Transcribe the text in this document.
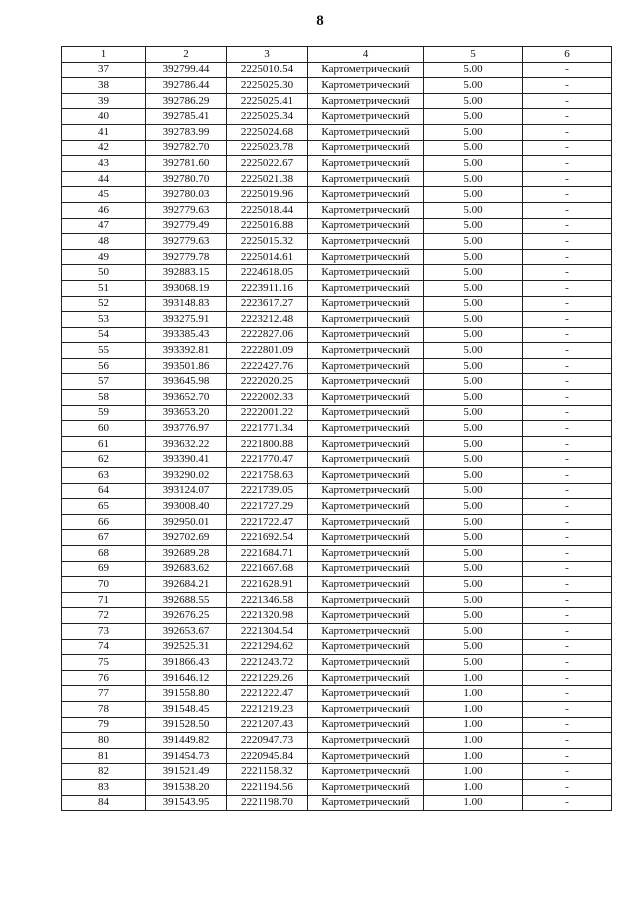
8
1	2	3	4	5	6
37	392799.44	2225010.54	Картометрический	5.00	-
38	392786.44	2225025.30	Картометрический	5.00	-
39	392786.29	2225025.41	Картометрический	5.00	-
40	392785.41	2225025.34	Картометрический	5.00	-
41	392783.99	2225024.68	Картометрический	5.00	-
42	392782.70	2225023.78	Картометрический	5.00	-
43	392781.60	2225022.67	Картометрический	5.00	-
44	392780.70	2225021.38	Картометрический	5.00	-
45	392780.03	2225019.96	Картометрический	5.00	-
46	392779.63	2225018.44	Картометрический	5.00	-
47	392779.49	2225016.88	Картометрический	5.00	-
48	392779.63	2225015.32	Картометрический	5.00	-
49	392779.78	2225014.61	Картометрический	5.00	-
50	392883.15	2224618.05	Картометрический	5.00	-
51	393068.19	2223911.16	Картометрический	5.00	-
52	393148.83	2223617.27	Картометрический	5.00	-
53	393275.91	2223212.48	Картометрический	5.00	-
54	393385.43	2222827.06	Картометрический	5.00	-
55	393392.81	2222801.09	Картометрический	5.00	-
56	393501.86	2222427.76	Картометрический	5.00	-
57	393645.98	2222020.25	Картометрический	5.00	-
58	393652.70	2222002.33	Картометрический	5.00	-
59	393653.20	2222001.22	Картометрический	5.00	-
60	393776.97	2221771.34	Картометрический	5.00	-
61	393632.22	2221800.88	Картометрический	5.00	-
62	393390.41	2221770.47	Картометрический	5.00	-
63	393290.02	2221758.63	Картометрический	5.00	-
64	393124.07	2221739.05	Картометрический	5.00	-
65	393008.40	2221727.29	Картометрический	5.00	-
66	392950.01	2221722.47	Картометрический	5.00	-
67	392702.69	2221692.54	Картометрический	5.00	-
68	392689.28	2221684.71	Картометрический	5.00	-
69	392683.62	2221667.68	Картометрический	5.00	-
70	392684.21	2221628.91	Картометрический	5.00	-
71	392688.55	2221346.58	Картометрический	5.00	-
72	392676.25	2221320.98	Картометрический	5.00	-
73	392653.67	2221304.54	Картометрический	5.00	-
74	392525.31	2221294.62	Картометрический	5.00	-
75	391866.43	2221243.72	Картометрический	5.00	-
76	391646.12	2221229.26	Картометрический	1.00	-
77	391558.80	2221222.47	Картометрический	1.00	-
78	391548.45	2221219.23	Картометрический	1.00	-
79	391528.50	2221207.43	Картометрический	1.00	-
80	391449.82	2220947.73	Картометрический	1.00	-
81	391454.73	2220945.84	Картометрический	1.00	-
82	391521.49	2221158.32	Картометрический	1.00	-
83	391538.20	2221194.56	Картометрический	1.00	-
84	391543.95	2221198.70	Картометрический	1.00	-
